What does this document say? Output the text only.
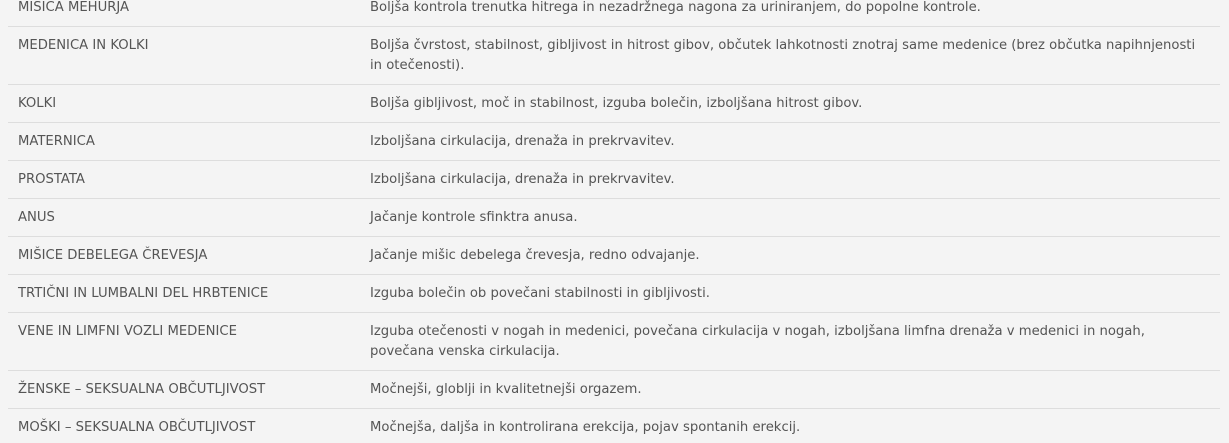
MIŠICA MEHURJA	Boljša kontrola trenutka hitrega in nezadržnega nagona za uriniranjem, do popolne kontrole.
MEDENICA IN KOLKI	Boljša čvrstost, stabilnost, gibljivost in hitrost gibov, občutek lahkotnosti znotraj same medenice (brez občutka napihnjenosti in otečenosti).
KOLKI	Boljša gibljivost, moč in stabilnost, izguba bolečin, izboljšana hitrost gibov.
MATERNICA	Izboljšana cirkulacija, drenaža in prekrvavitev.
PROSTATA	Izboljšana cirkulacija, drenaža in prekrvavitev.
ANUS	Jačanje kontrole sfinktra anusa.
MIŠICE DEBELEGA ČREVESJA	Jačanje mišic debelega črevesja, redno odvajanje.
TRTIČNI IN LUMBALNI DEL HRBTENICE	Izguba bolečin ob povečani stabilnosti in gibljivosti.
VENE IN LIMFNI VOZLI MEDENICE	Izguba otečenosti v nogah in medenici, povečana cirkulacija v nogah, izboljšana limfna drenaža v medenici in nogah, povečana venska cirkulacija.
ŽENSKE – SEKSUALNA OBČUTLJIVOST	Močnejši, globlji in kvalitetnejši orgazem.
MOŠKI – SEKSUALNA OBČUTLJIVOST	Močnejša, daljša in kontrolirana erekcija, pojav spontanih erekcij.
